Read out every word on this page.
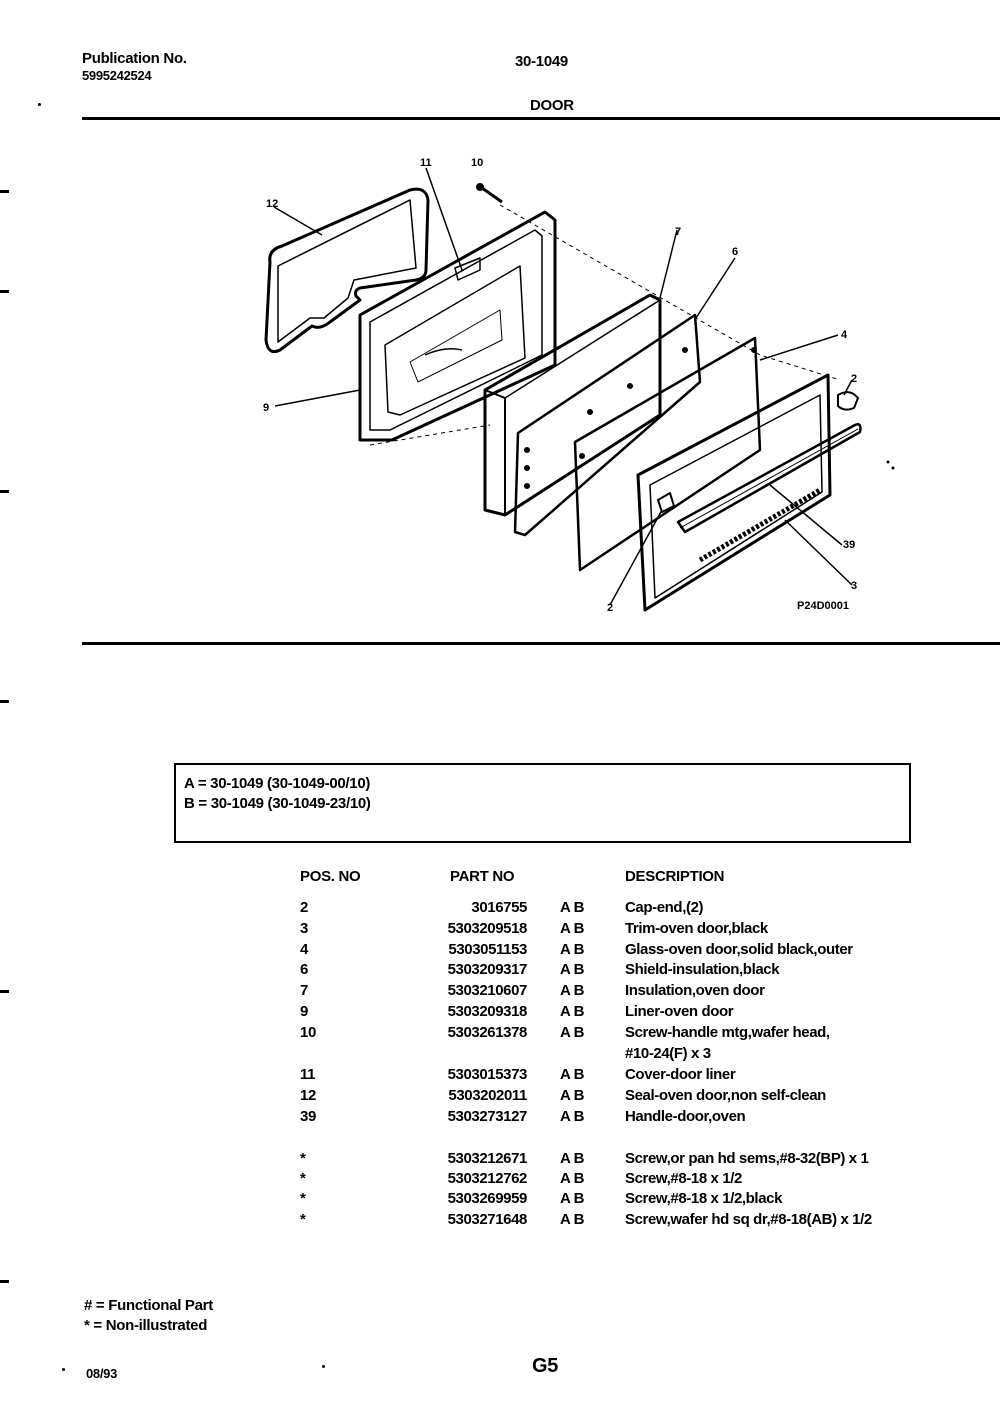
Publication No.
5995242524
30-1049
DOOR
12
11	10
7
6
4
2
9
39
3
2	P24D0001
A = 30-1049 (30-1049-00/10)
B = 30-1049 (30-1049-23/10)
POS. NO	PART NO	DESCRIPTION
2	3016755 A B	Cap-end,(2)
3	5303209518 A B	Trim-oven door,black
4	5303051153 A B	Glass-oven door,solid black,outer
6	5303209317 A B	Shield-insulation,black
7	5303210607 A B	Insulation,oven door
9	5303209318 A B	Liner-oven door
10	5303261378 A B	Screw-handle mtg,wafer head,
#10-24(F) x 3
11	5303015373 A B	Cover-door liner
12	5303202011 A B	Seal-oven door,non self-clean
39	5303273127 A B	Handle-door,oven
*	5303212671 A B	Screw,or pan hd sems,#8-32(BP) x 1
*	5303212762 A B	Screw,#8-18 x 1/2
*	5303269959 A B	Screw,#8-18 x 1/2,black
*	5303271648 A B	Screw,wafer hd sq dr,#8-18(AB) x 1/2
# = Functional Part
* = Non-illustrated
08/93	G5
